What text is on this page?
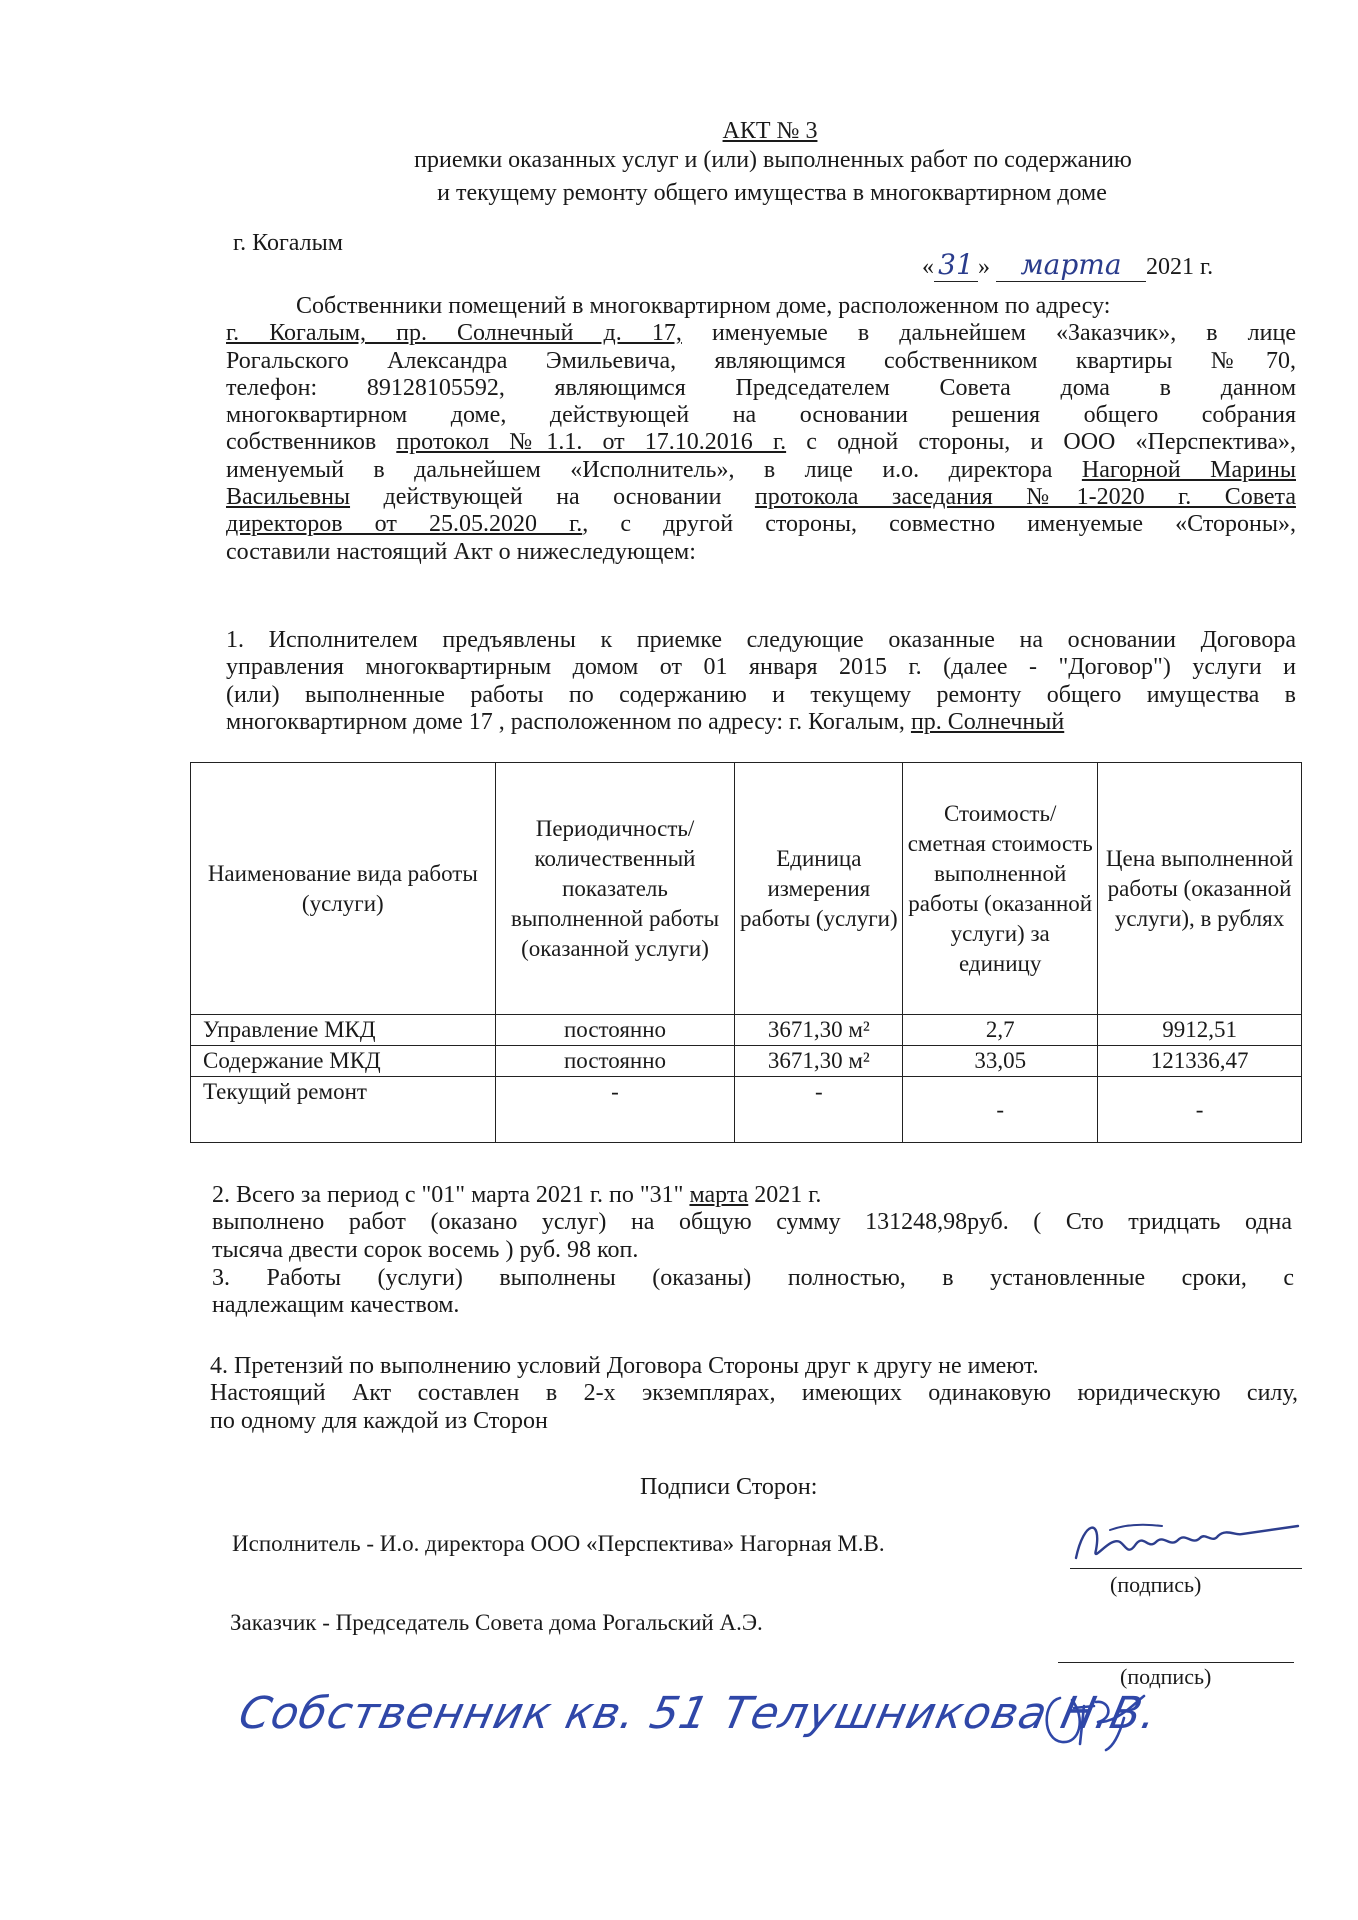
АКТ № 3
приемки оказанных услуг и (или) выполненных работ по содержанию
и текущему ремонту общего имущества в многоквартирном доме
г. Когалым
« 31 » марта 2021 г.
Собственники помещений в многоквартирном доме, расположенном по адресу:
г. Когалым, пр. Солнечный д. 17, именуемые в дальнейшем «Заказчик», в лице
Рогальского Александра Эмильевича, являющимся собственником квартиры №70,
телефон: 89128105592, являющимся Председателем Совета дома в данном
многоквартирном доме, действующей на основании решения общего собрания
собственников протокол №1.1. от 17.10.2016 г. с одной стороны, и ООО «Перспектива»,
именуемый в дальнейшем «Исполнитель», в лице и.о. директора Нагорной Марины
Васильевны действующей на основании протокола заседания №1-2020 г. Совета
директоров от 25.05.2020 г., с другой стороны, совместно именуемые «Стороны»,
составили настоящий Акт о нижеследующем:
1. Исполнителем предъявлены к приемке следующие оказанные на основании Договора
управления многоквартирным домом от 01 января 2015 г. (далее - "Договор") услуги и
(или) выполненные работы по содержанию и текущему ремонту общего имущества в
многоквартирном доме 17 , расположенном по адресу: г. Когалым, пр. Солнечный
Наименование вида работы (услуги)	Периодичность/ количественный показатель выполненной работы (оказанной услуги)	Единица измерения работы (услуги)	Стоимость/ сметная стоимость выполненной работы (оказанной услуги) за единицу	Цена выполненной работы (оказанной услуги), в рублях
Управление МКД	постоянно	3671,30 м²	2,7	9912,51
Содержание МКД	постоянно	3671,30 м²	33,05	121336,47
Текущий ремонт	-	-	-	-
2. Всего за период с "01" марта 2021 г. по "31" марта 2021 г.
выполнено работ (оказано услуг) на общую сумму 131248,98руб. ( Сто тридцать одна
тысяча двести сорок восемь ) руб. 98 коп.
3. Работы (услуги) выполнены (оказаны) полностью, в установленные сроки, с
надлежащим качеством.
4. Претензий по выполнению условий Договора Стороны друг к другу не имеют.
Настоящий Акт составлен в 2-х экземплярах, имеющих одинаковую юридическую силу,
по одному для каждой из Сторон
Подписи Сторон:
Исполнитель - И.о. директора ООО «Перспектива» Нагорная М.В.
(подпись)
Заказчик - Председатель Совета дома Рогальский А.Э.
(подпись)
Собственник кв. 51 Телушникова Н.В.
